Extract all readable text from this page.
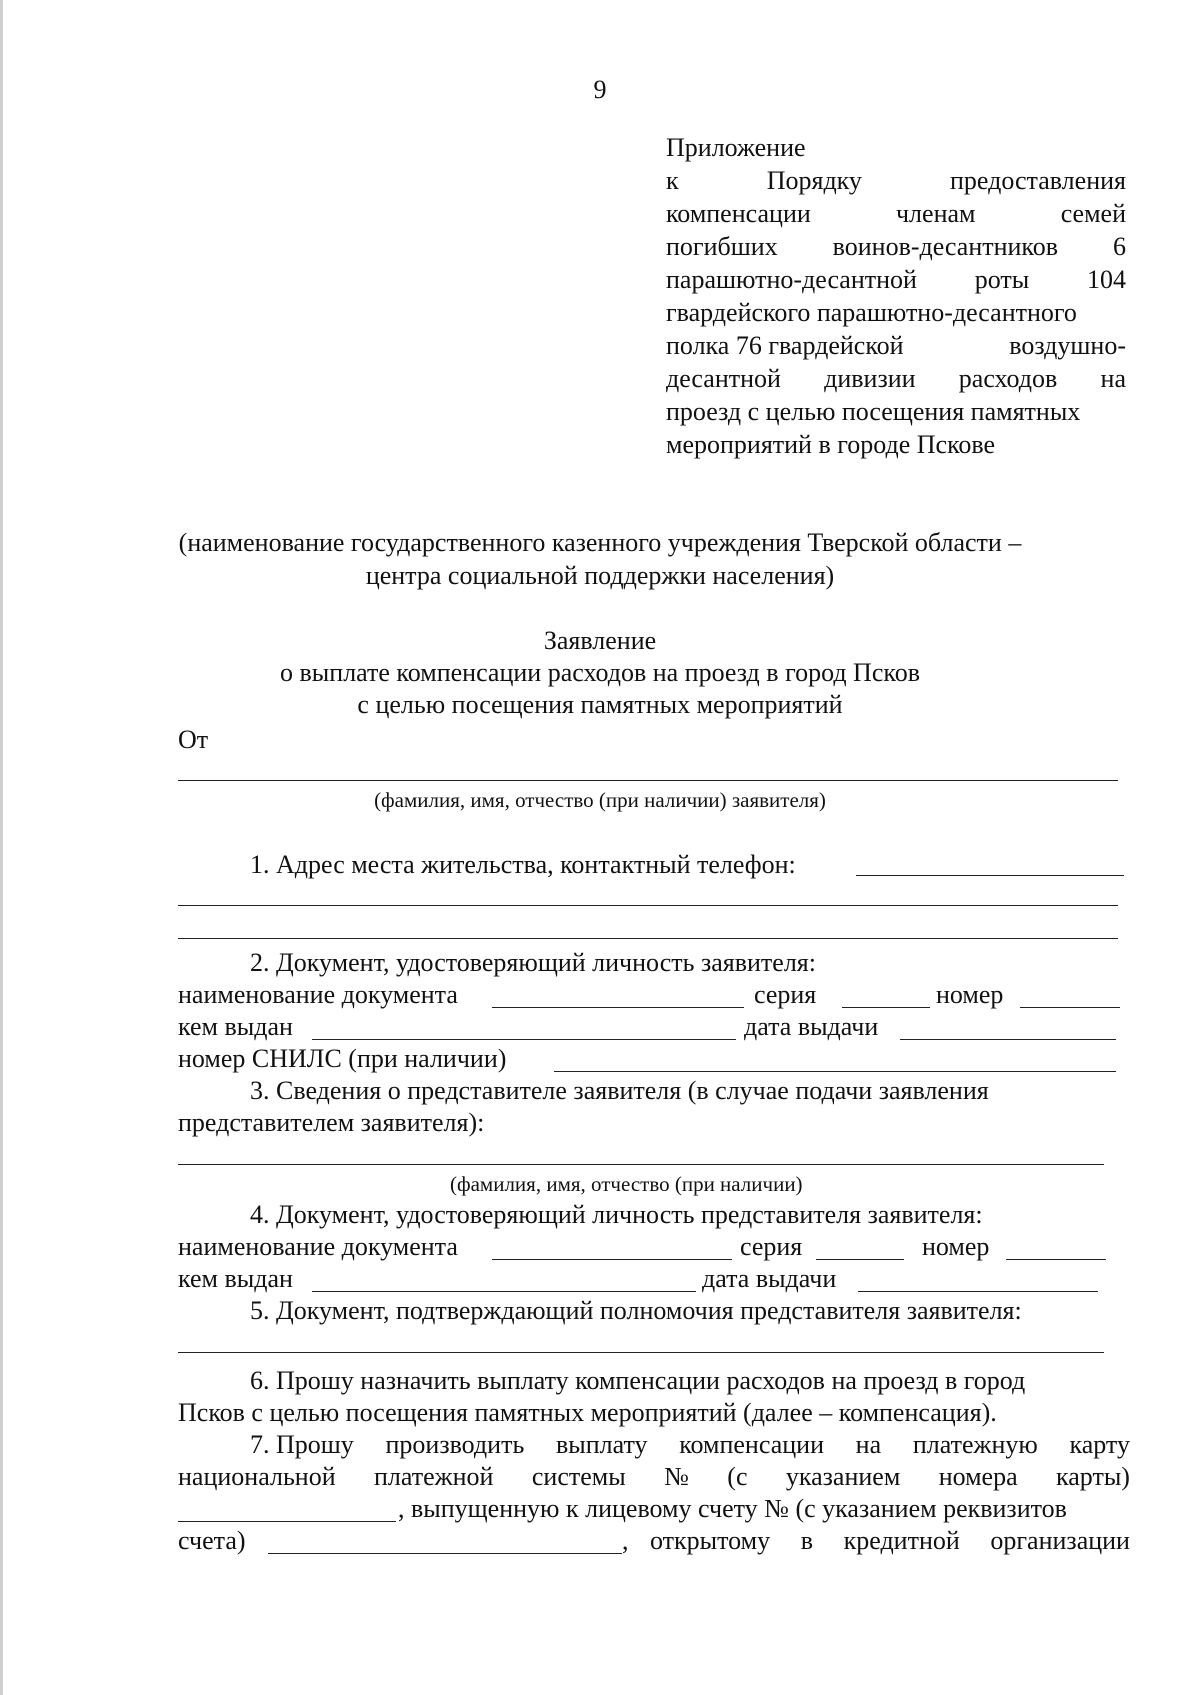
9
Приложение
к	Порядку	предоставления
компенсации	членам	семей
погибших воинов-десантников 6
парашютно-десантной роты 104
гвардейского парашютно-десантного
полка 76 гвардейской	воздушно-
десантной дивизии расходов на
проезд с целью посещения памятных
мероприятий в городе Пскове
(наименование государственного казенного учреждения Тверской области –
центра социальной поддержки населения)
Заявление
о выплате компенсации расходов на проезд в город Псков
с целью посещения памятных мероприятий
От
(фамилия, имя, отчество (при наличии) заявителя)
1. Адрес места жительства, контактный телефон:
2. Документ, удостоверяющий личность заявителя:
наименование документа	серия	номер
кем выдан	дата выдачи
номер СНИЛС (при наличии)
3. Сведения о представителе заявителя (в случае подачи заявления
представителем заявителя):
(фамилия, имя, отчество (при наличии)
4. Документ, удостоверяющий личность представителя заявителя:
наименование документа	серия	номер
кем выдан	дата выдачи
5. Документ, подтверждающий полномочия представителя заявителя:
6. Прошу назначить выплату компенсации расходов на проезд в город
Псков с целью посещения памятных мероприятий (далее – компенсация).
7. Прошу производить выплату компенсации на платежную карту
национальной платежной системы № (с указанием номера карты)
, выпущенную к лицевому счету № (с указанием реквизитов
счета)	, открытому в кредитной организации
